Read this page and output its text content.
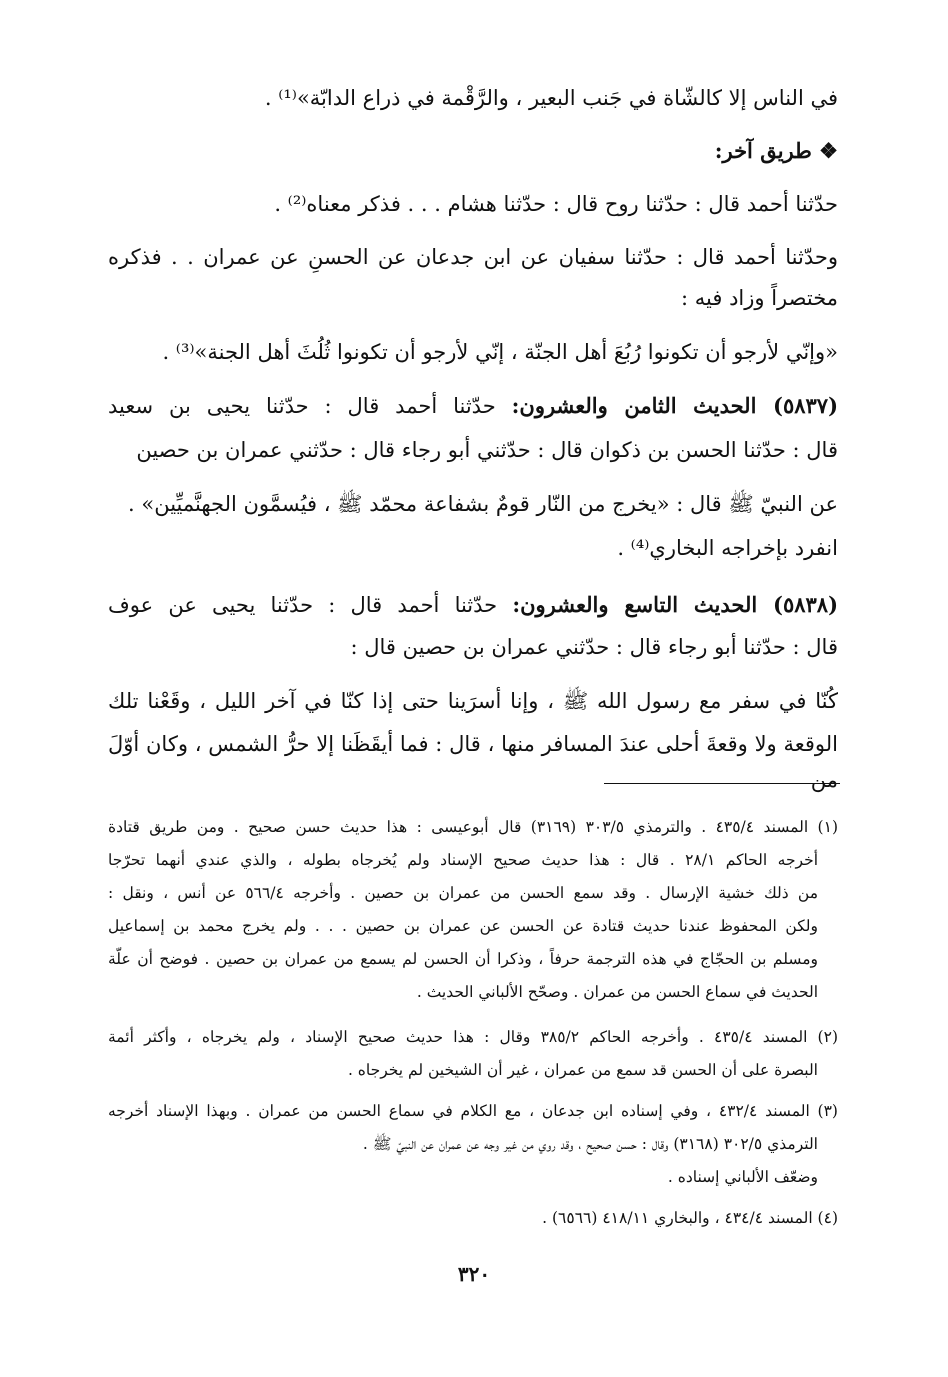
في الناس إلا كالشّاة في جَنب البعير ، والرَّقْمة في ذراع الدابّة»⁽¹⁾ .
❖ طريق آخر:
حدّثنا أحمد قال : حدّثنا روح قال : حدّثنا هشام . . . فذكر معناه⁽²⁾ .
وحدّثنا أحمد قال : حدّثنا سفيان عن ابن جدعان عن الحسنِ عن عمران . . فذكره
مختصراً وزاد فيه :
«وإنّي لأرجو أن تكونوا رُبُعَ أهل الجنّة ، إنّي لأرجو أن تكونوا ثُلُثَ أهل الجنة»⁽³⁾ .
(٥٨٣٧) الحديث الثامن والعشرون: حدّثنا أحمد قال : حدّثنا يحيى بن سعيد
قال : حدّثنا الحسن بن ذكوان قال : حدّثني أبو رجاء قال : حدّثني عمران بن حصين
عن النبيّ ﷺ قال : «يخرج من النّار قومٌ بشفاعة محمّد ﷺ ، فيُسمَّون الجهنَّميِّين» .
انفرد بإخراجه البخاري⁽⁴⁾ .
(٥٨٣٨) الحديث التاسع والعشرون: حدّثنا أحمد قال : حدّثنا يحيى عن عوف
قال : حدّثنا أبو رجاء قال : حدّثني عمران بن حصين قال :
كُنّا في سفر مع رسول الله ﷺ ، وإنا أسرَينا حتى إذا كنّا في آخر الليل ، وقَعْنا تلك
الوقعة ولا وقعةَ أحلى عندَ المسافر منها ، قال : فما أيقَظَنا إلا حرُّ الشمس ، وكان أوّلَ من
(١) المسند ٤٣٥/٤ . والترمذي ٣٠٣/٥ (٣١٦٩) قال أبوعيسى : هذا حديث حسن صحيح . ومن طريق قتادة
أخرجه الحاكم ٢٨/١ . قال : هذا حديث صحيح الإسناد ولم يُخرجاه بطوله ، والذي عندي أنهما تحرّجا
من ذلك خشية الإرسال . وقد سمع الحسن من عمران بن حصين . وأخرجه ٥٦٦/٤ عن أنس ، ونقل :
ولكن المحفوظ عندنا حديث قتادة عن الحسن عن عمران بن حصين . . . ولم يخرج محمد بن إسماعيل
ومسلم بن الحجّاج في هذه الترجمة حرفاً ، وذكرا أن الحسن لم يسمع من عمران بن حصين . فوضح أن علّة
الحديث في سماع الحسن من عمران . وصحّح الألباني الحديث .
(٢) المسند ٤٣٥/٤ . وأخرجه الحاكم ٣٨٥/٢ وقال : هذا حديث صحيح الإسناد ، ولم يخرجاه ، وأكثر أئمة
البصرة على أن الحسن قد سمع من عمران ، غير أن الشيخين لم يخرجاه .
(٣) المسند ٤٣٢/٤ ، وفي إسناده ابن جدعان ، مع الكلام في سماع الحسن من عمران . وبهذا الإسناد أخرجه
الترمذي ٣٠٢/٥ (٣١٦٨) وقال : حسن صحيح ، وقد روي من غير وجه عن عمران عن النبيّ ﷺ .
وضعّف الألباني إسناده .
(٤) المسند ٤٣٤/٤ ، والبخاري ٤١٨/١١ (٦٥٦٦) .
٣٢٠
